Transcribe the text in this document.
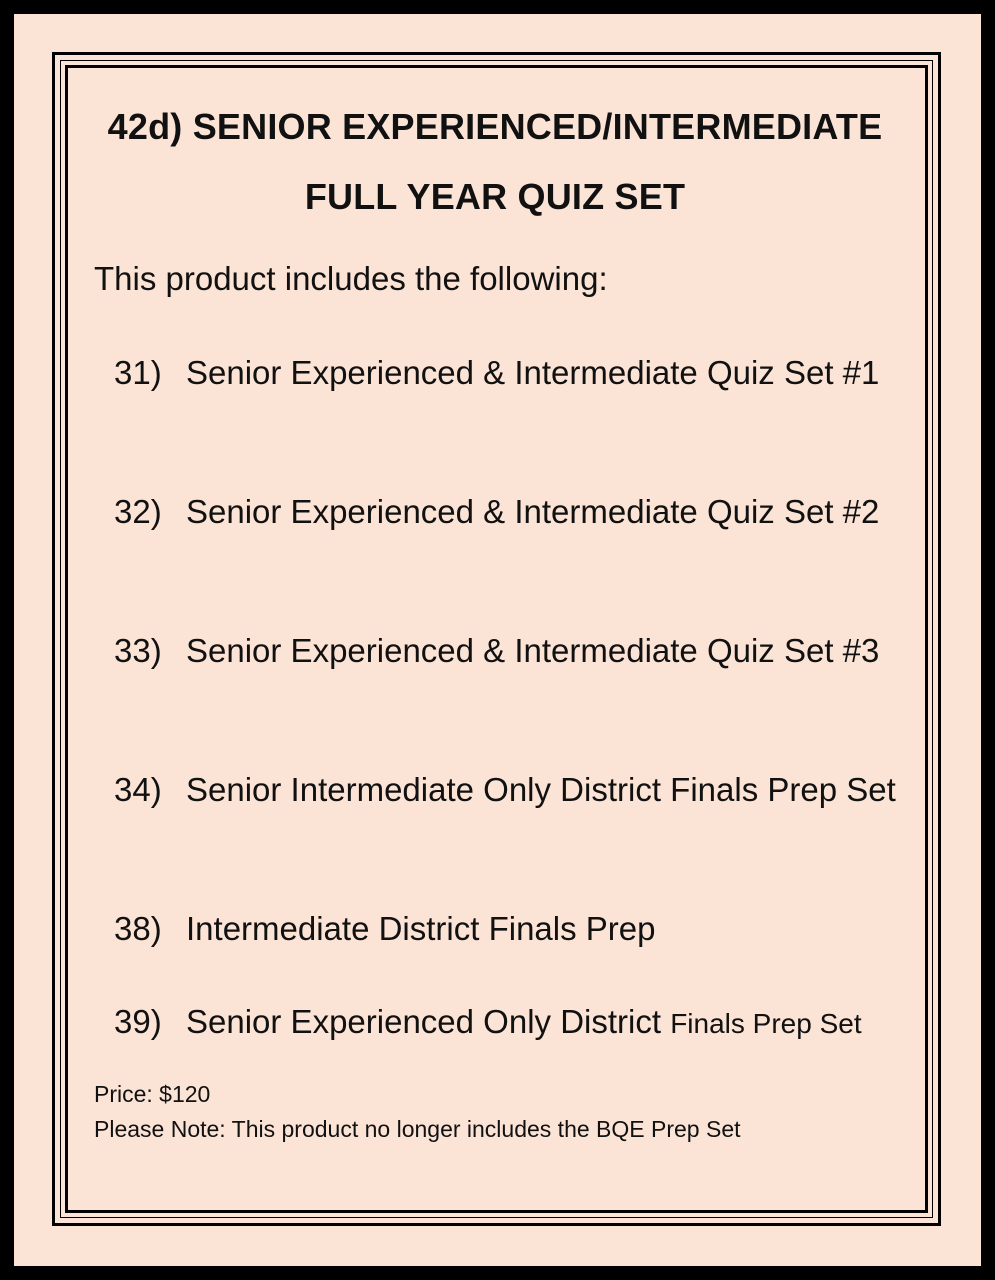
42d) SENIOR EXPERIENCED/INTERMEDIATE
FULL YEAR QUIZ SET
This product includes the following:
31) Senior Experienced & Intermediate Quiz Set #1
32) Senior Experienced & Intermediate Quiz Set #2
33) Senior Experienced & Intermediate Quiz Set #3
34) Senior Intermediate Only District Finals Prep Set
38) Intermediate District Finals Prep
39) Senior Experienced Only District Finals Prep Set
Price: $120
Please Note: This product no longer includes the BQE Prep Set
